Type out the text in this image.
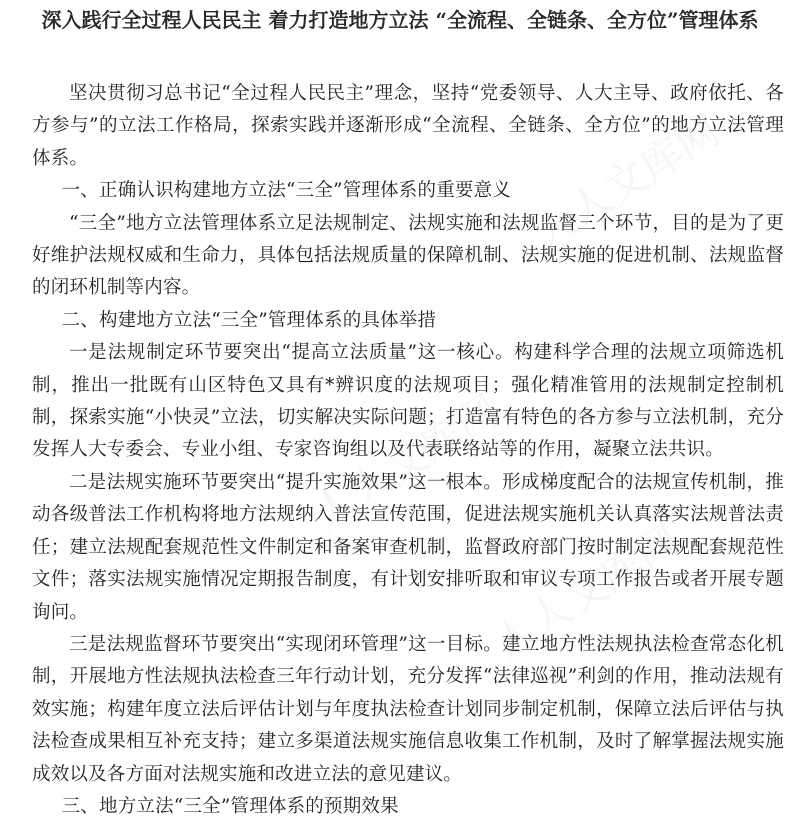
深入践行全过程人民民主 着力打造地方立法 “全流程、全链条、全方位”管理体系

坚决贯彻习总书记“全过程人民民主”理念，坚持“党委领导、人大主导、政府依托、各方参与”的立法工作格局，探索实践并逐渐形成“全流程、全链条、全方位”的地方立法管理体系。

一、正确认识构建地方立法“三全”管理体系的重要意义

“三全”地方立法管理体系立足法规制定、法规实施和法规监督三个环节，目的是为了更好维护法规权威和生命力，具体包括法规质量的保障机制、法规实施的促进机制、法规监督的闭环机制等内容。

二、构建地方立法“三全”管理体系的具体举措

一是法规制定环节要突出“提高立法质量”这一核心。构建科学合理的法规立项筛选机制，推出一批既有山区特色又具有*辨识度的法规项目；强化精准管用的法规制定控制机制，探索实施“小快灵”立法，切实解决实际问题；打造富有特色的各方参与立法机制，充分发挥人大专委会、专业小组、专家咨询组以及代表联络站等的作用，凝聚立法共识。

二是法规实施环节要突出“提升实施效果”这一根本。形成梯度配合的法规宣传机制，推动各级普法工作机构将地方法规纳入普法宣传范围，促进法规实施机关认真落实法规普法责任；建立法规配套规范性文件制定和备案审查机制，监督政府部门按时制定法规配套规范性文件；落实法规实施情况定期报告制度，有计划安排听取和审议专项工作报告或者开展专题询问。

三是法规监督环节要突出“实现闭环管理”这一目标。建立地方性法规执法检查常态化机制，开展地方性法规执法检查三年行动计划，充分发挥“法律巡视”利剑的作用，推动法规有效实施；构建年度立法后评估计划与年度执法检查计划同步制定机制，保障立法后评估与执法检查成果相互补充支持；建立多渠道法规实施信息收集工作机制，及时了解掌握法规实施成效以及各方面对法规实施和改进立法的意见建议。

三、地方立法“三全”管理体系的预期效果

人人文库网
人人文库网
人人文库网
